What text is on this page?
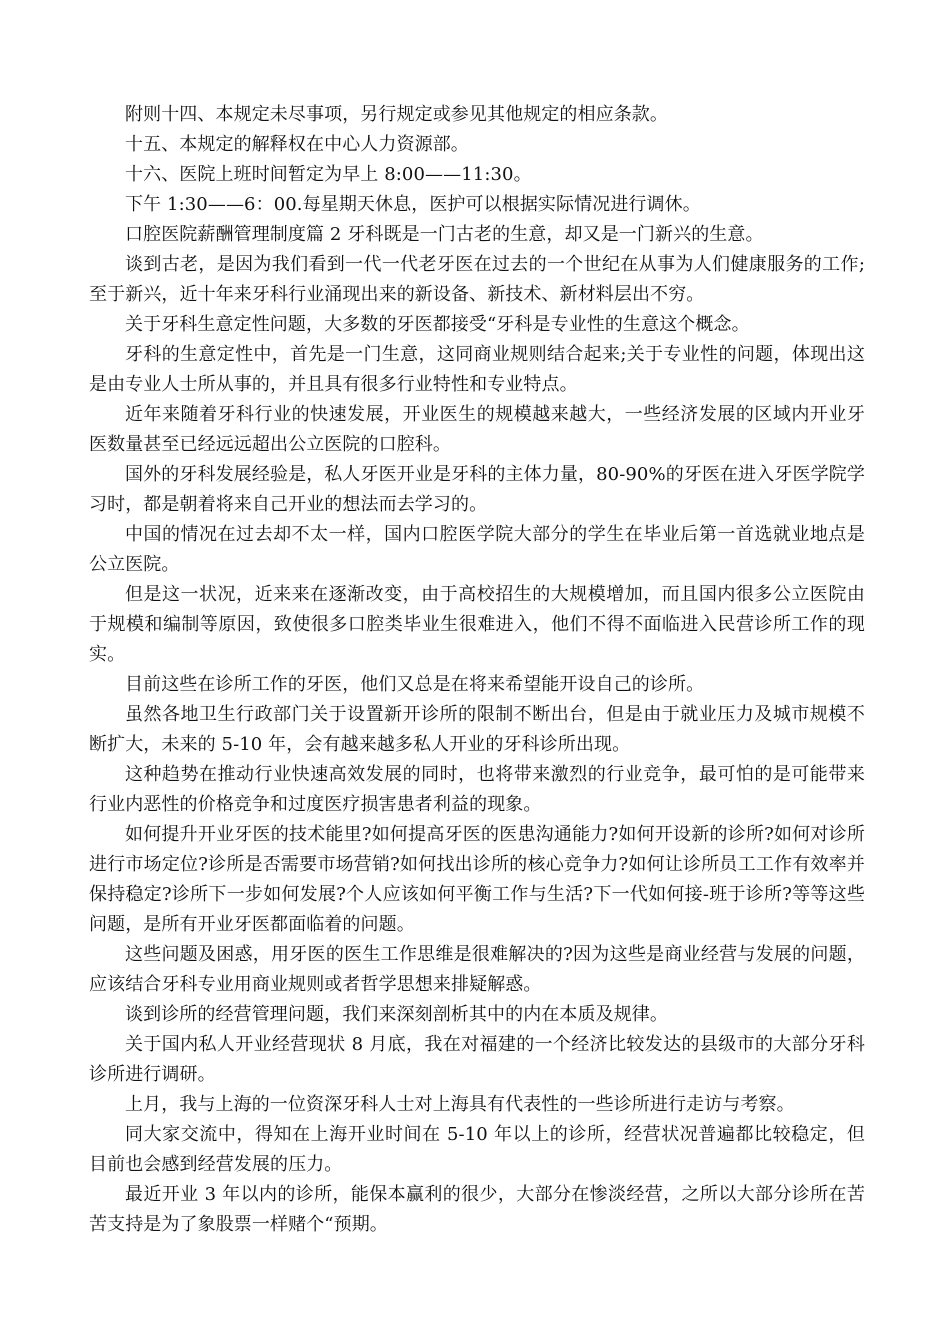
附则十四、本规定未尽事项，另行规定或参见其他规定的相应条款。

十五、本规定的解释权在中心人力资源部。

十六、医院上班时间暂定为早上 8:00——11:30。

下午 1:30——6：00.每星期天休息，医护可以根据实际情况进行调休。

口腔医院薪酬管理制度篇 2 牙科既是一门古老的生意，却又是一门新兴的生意。

谈到古老，是因为我们看到一代一代老牙医在过去的一个世纪在从事为人们健康服务的工作;至于新兴，近十年来牙科行业涌现出来的新设备、新技术、新材料层出不穷。

关于牙科生意定性问题，大多数的牙医都接受“牙科是专业性的生意这个概念。

牙科的生意定性中，首先是一门生意，这同商业规则结合起来;关于专业性的问题，体现出这是由专业人士所从事的，并且具有很多行业特性和专业特点。

近年来随着牙科行业的快速发展，开业医生的规模越来越大，一些经济发展的区域内开业牙医数量甚至已经远远超出公立医院的口腔科。

国外的牙科发展经验是，私人牙医开业是牙科的主体力量，80-90%的牙医在进入牙医学院学习时，都是朝着将来自己开业的想法而去学习的。

中国的情况在过去却不太一样，国内口腔医学院大部分的学生在毕业后第一首选就业地点是公立医院。

但是这一状况，近来来在逐渐改变，由于高校招生的大规模增加，而且国内很多公立医院由于规模和编制等原因，致使很多口腔类毕业生很难进入，他们不得不面临进入民营诊所工作的现实。

目前这些在诊所工作的牙医，他们又总是在将来希望能开设自己的诊所。

虽然各地卫生行政部门关于设置新开诊所的限制不断出台，但是由于就业压力及城市规模不断扩大，未来的 5-10 年，会有越来越多私人开业的牙科诊所出现。

这种趋势在推动行业快速高效发展的同时，也将带来激烈的行业竞争，最可怕的是可能带来行业内恶性的价格竞争和过度医疗损害患者利益的现象。

如何提升开业牙医的技术能里?如何提高牙医的医患沟通能力?如何开设新的诊所?如何对诊所进行市场定位?诊所是否需要市场营销?如何找出诊所的核心竞争力?如何让诊所员工工作有效率并保持稳定?诊所下一步如何发展?个人应该如何平衡工作与生活?下一代如何接-班于诊所?等等这些问题，是所有开业牙医都面临着的问题。

这些问题及困惑，用牙医的医生工作思维是很难解决的?因为这些是商业经营与发展的问题，应该结合牙科专业用商业规则或者哲学思想来排疑解惑。

谈到诊所的经营管理问题，我们来深刻剖析其中的内在本质及规律。

关于国内私人开业经营现状 8 月底，我在对福建的一个经济比较发达的县级市的大部分牙科诊所进行调研。

上月，我与上海的一位资深牙科人士对上海具有代表性的一些诊所进行走访与考察。

同大家交流中，得知在上海开业时间在 5-10 年以上的诊所，经营状况普遍都比较稳定，但目前也会感到经营发展的压力。

最近开业 3 年以内的诊所，能保本赢利的很少，大部分在惨淡经营，之所以大部分诊所在苦苦支持是为了象股票一样赌个“预期。
